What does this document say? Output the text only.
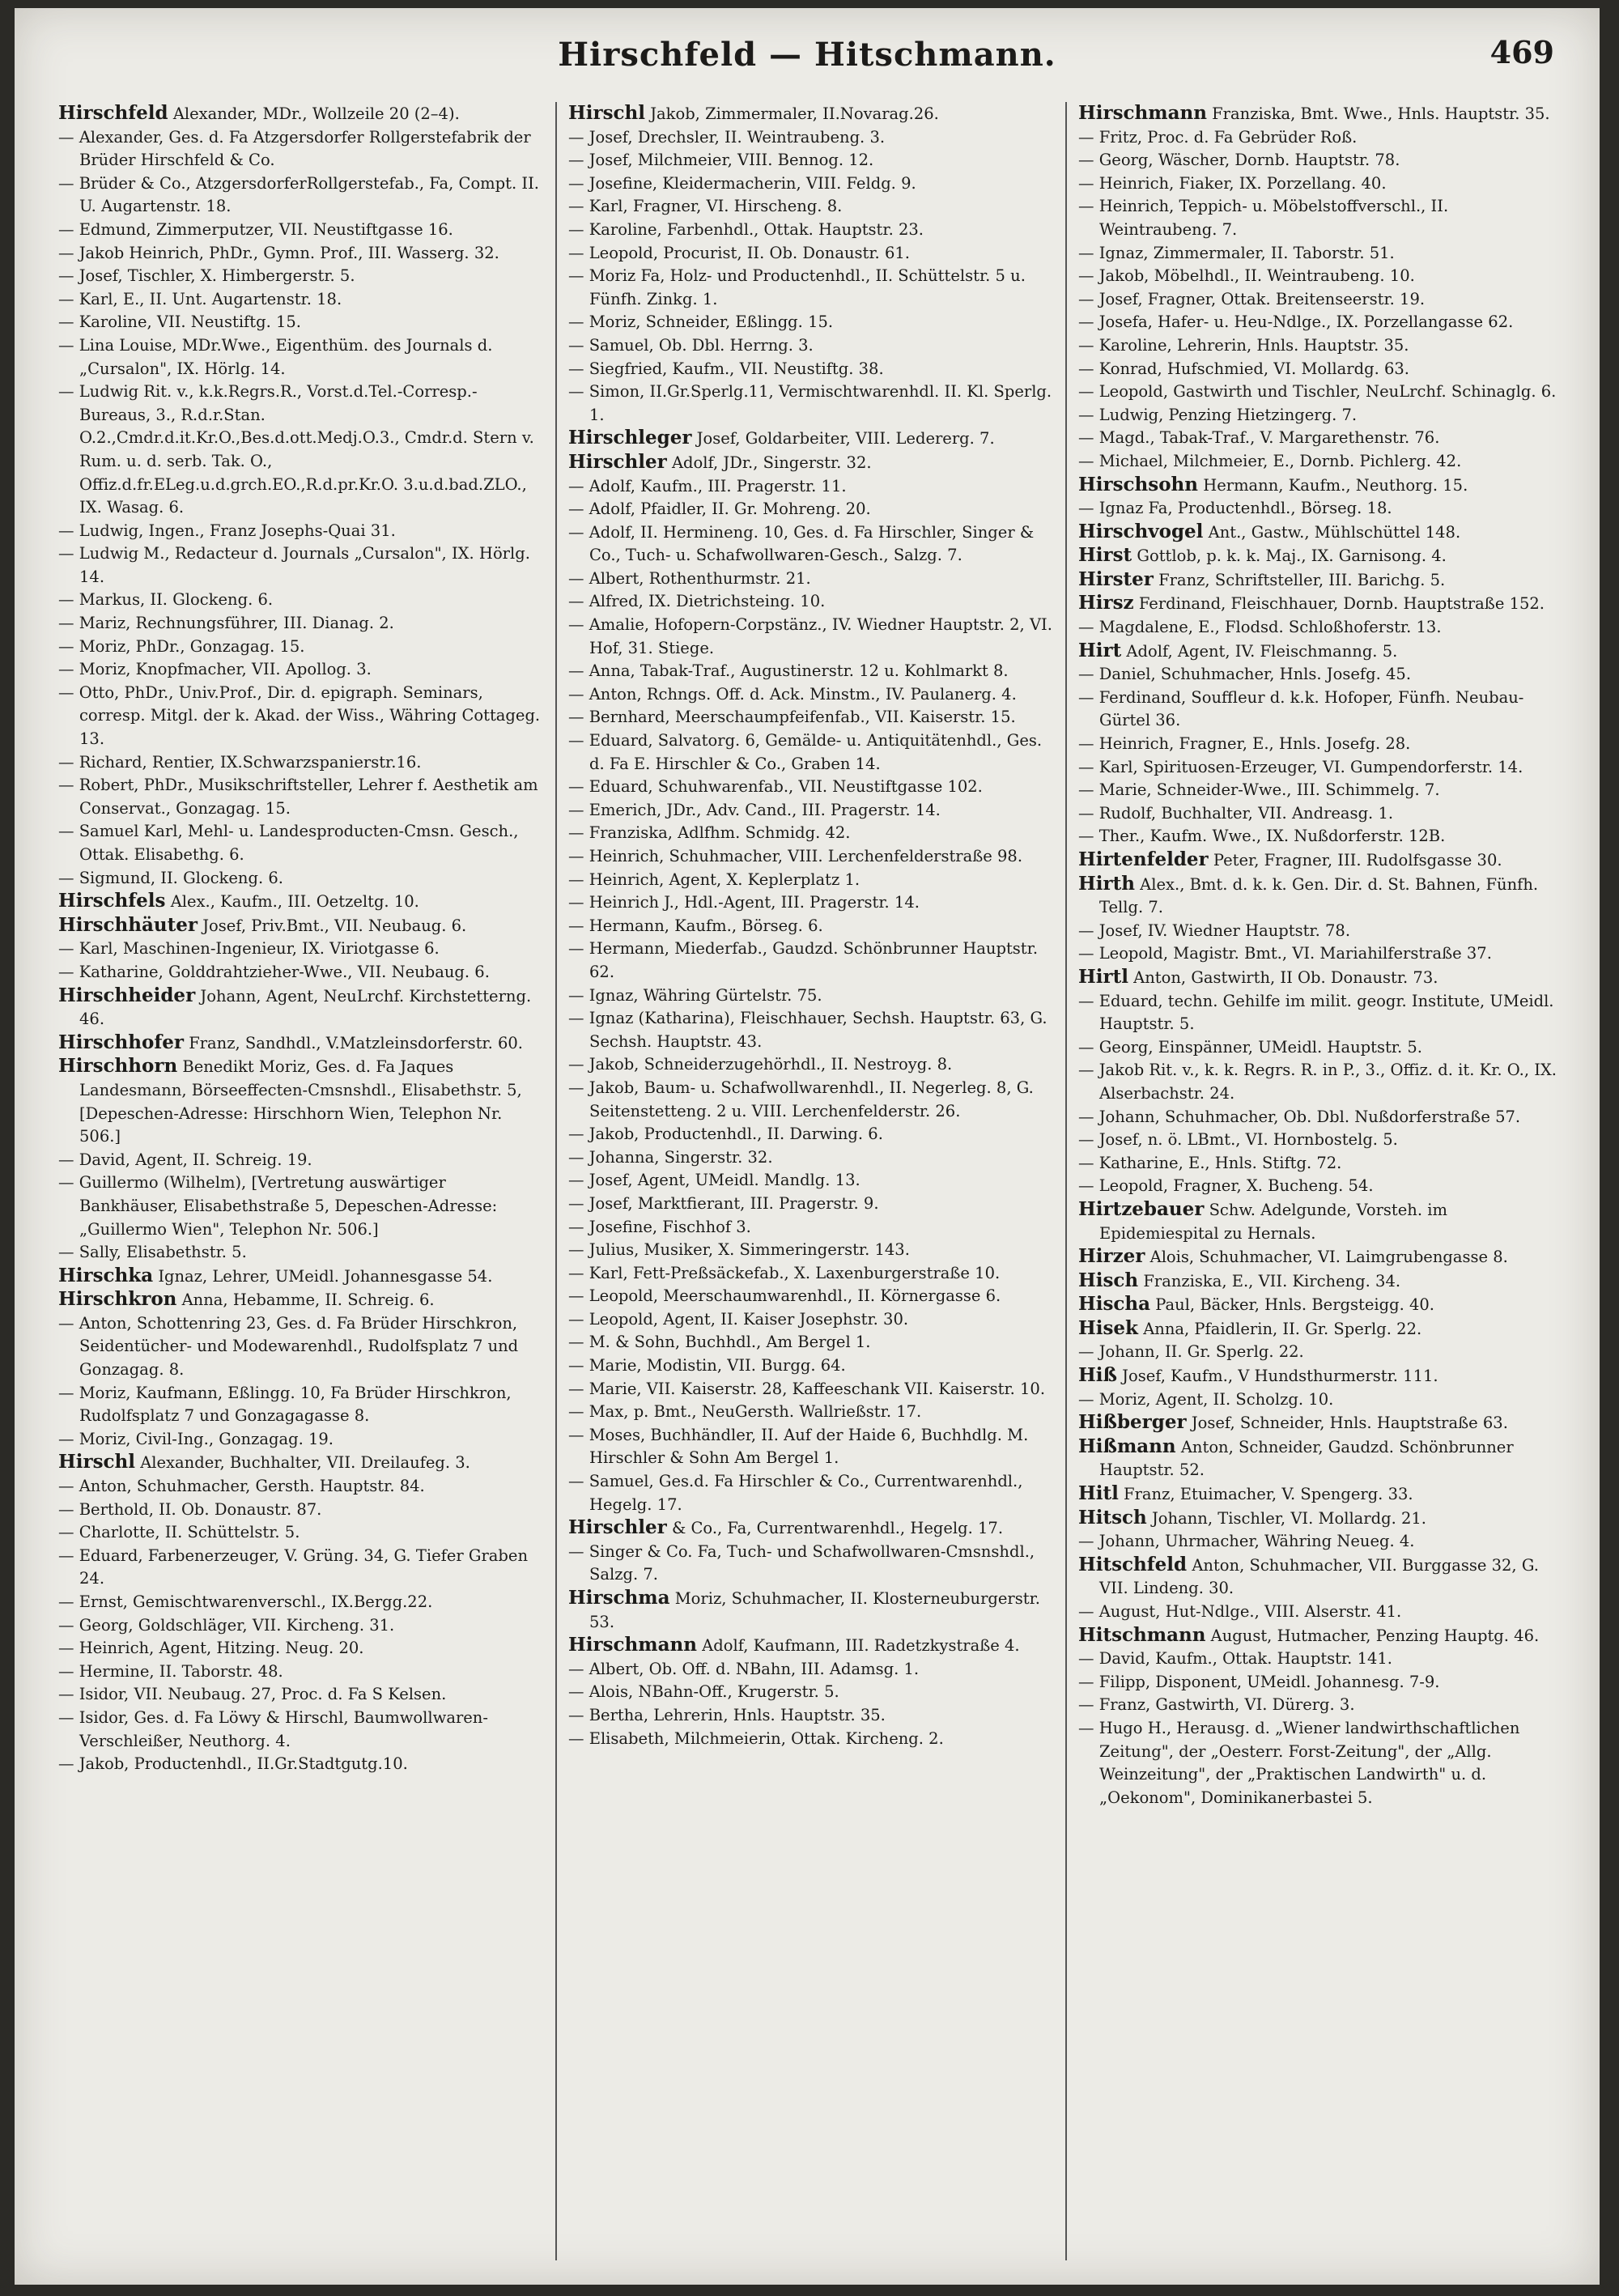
Hirschfeld — Hitschmann.	469

Hirschfeld Alexander, MDr., Wollzeile 20 (2–4).

— Alexander, Ges. d. Fa Atzgersdorfer Rollgerstefabrik der Brüder Hirschfeld & Co.

— Brüder & Co., AtzgersdorferRollgerstefab., Fa, Compt. II. U. Augartenstr. 18.

— Edmund, Zimmerputzer, VII. Neustiftgasse 16.

— Jakob Heinrich, PhDr., Gymn. Prof., III. Wasserg. 32.

— Josef, Tischler, X. Himbergerstr. 5.

— Karl, E., II. Unt. Augartenstr. 18.

— Karoline, VII. Neustiftg. 15.

— Lina Louise, MDr.Wwe., Eigenthüm. des Journals d. „Cursalon", IX. Hörlg. 14.

— Ludwig Rit. v., k.k.Regrs.R., Vorst.d.Tel.-Corresp.-Bureaus, 3., R.d.r.Stan. O.2.,Cmdr.d.it.Kr.O.,Bes.d.ott.Medj.O.3., Cmdr.d. Stern v. Rum. u. d. serb. Tak. O., Offiz.d.fr.ELeg.u.d.grch.EO.,R.d.pr.Kr.O. 3.u.d.bad.ZLO., IX. Wasag. 6.

— Ludwig, Ingen., Franz Josephs-Quai 31.

— Ludwig M., Redacteur d. Journals „Cursalon", IX. Hörlg. 14.

— Markus, II. Glockeng. 6.

— Mariz, Rechnungsführer, III. Dianag. 2.

— Moriz, PhDr., Gonzagag. 15.

— Moriz, Knopfmacher, VII. Apollog. 3.

— Otto, PhDr., Univ.Prof., Dir. d. epigraph. Seminars, corresp. Mitgl. der k. Akad. der Wiss., Währing Cottageg. 13.

— Richard, Rentier, IX.Schwarzspanierstr.16.

— Robert, PhDr., Musikschriftsteller, Lehrer f. Aesthetik am Conservat., Gonzagag. 15.

— Samuel Karl, Mehl- u. Landesproducten-Cmsn. Gesch., Ottak. Elisabethg. 6.

— Sigmund, II. Glockeng. 6.

Hirschfels Alex., Kaufm., III. Oetzeltg. 10.

Hirschhäuter Josef, Priv.Bmt., VII. Neubaug. 6.

— Karl, Maschinen-Ingenieur, IX. Viriotgasse 6.

— Katharine, Golddrahtzieher-Wwe., VII. Neubaug. 6.

Hirschheider Johann, Agent, NeuLrchf. Kirchstetterng. 46.

Hirschhofer Franz, Sandhdl., V.Matzleinsdorferstr. 60.

Hirschhorn Benedikt Moriz, Ges. d. Fa Jaques Landesmann, Börseeffecten-Cmsnshdl., Elisabethstr. 5, [Depeschen-Adresse: Hirschhorn Wien, Telephon Nr. 506.]

— David, Agent, II. Schreig. 19.

— Guillermo (Wilhelm), [Vertretung auswärtiger Bankhäuser, Elisabethstraße 5, Depeschen-Adresse: „Guillermo Wien", Telephon Nr. 506.]

— Sally, Elisabethstr. 5.

Hirschka Ignaz, Lehrer, UMeidl. Johannesgasse 54.

Hirschkron Anna, Hebamme, II. Schreig. 6.

— Anton, Schottenring 23, Ges. d. Fa Brüder Hirschkron, Seidentücher- und Modewarenhdl., Rudolfsplatz 7 und Gonzagag. 8.

— Moriz, Kaufmann, Eßlingg. 10, Fa Brüder Hirschkron, Rudolfsplatz 7 und Gonzagagasse 8.

— Moriz, Civil-Ing., Gonzagag. 19.

Hirschl Alexander, Buchhalter, VII. Dreilaufeg. 3.

— Anton, Schuhmacher, Gersth. Hauptstr. 84.

— Berthold, II. Ob. Donaustr. 87.

— Charlotte, II. Schüttelstr. 5.

— Eduard, Farbenerzeuger, V. Grüng. 34, G. Tiefer Graben 24.

— Ernst, Gemischtwarenverschl., IX.Bergg.22.

— Georg, Goldschläger, VII. Kircheng. 31.

— Heinrich, Agent, Hitzing. Neug. 20.

— Hermine, II. Taborstr. 48.

— Isidor, VII. Neubaug. 27, Proc. d. Fa S Kelsen.

— Isidor, Ges. d. Fa Löwy & Hirschl, Baumwollwaren-Verschleißer, Neuthorg. 4.

— Jakob, Productenhdl., II.Gr.Stadtgutg.10.

Hirschl Jakob, Zimmermaler, II.Novarag.26.

— Josef, Drechsler, II. Weintraubeng. 3.

— Josef, Milchmeier, VIII. Bennog. 12.

— Josefine, Kleidermacherin, VIII. Feldg. 9.

— Karl, Fragner, VI. Hirscheng. 8.

— Karoline, Farbenhdl., Ottak. Hauptstr. 23.

— Leopold, Procurist, II. Ob. Donaustr. 61.

— Moriz Fa, Holz- und Productenhdl., II. Schüttelstr. 5 u. Fünfh. Zinkg. 1.

— Moriz, Schneider, Eßlingg. 15.

— Samuel, Ob. Dbl. Herrng. 3.

— Siegfried, Kaufm., VII. Neustiftg. 38.

— Simon, II.Gr.Sperlg.11, Vermischtwarenhdl. II. Kl. Sperlg. 1.

Hirschleger Josef, Goldarbeiter, VIII. Ledererg. 7.

Hirschler Adolf, JDr., Singerstr. 32.

— Adolf, Kaufm., III. Pragerstr. 11.

— Adolf, Pfaidler, II. Gr. Mohreng. 20.

— Adolf, II. Hermineng. 10, Ges. d. Fa Hirschler, Singer & Co., Tuch- u. Schafwollwaren-Gesch., Salzg. 7.

— Albert, Rothenthurmstr. 21.

— Alfred, IX. Dietrichsteing. 10.

— Amalie, Hofopern-Corpstänz., IV. Wiedner Hauptstr. 2, VI. Hof, 31. Stiege.

— Anna, Tabak-Traf., Augustinerstr. 12 u. Kohlmarkt 8.

— Anton, Rchngs. Off. d. Ack. Minstm., IV. Paulanerg. 4.

— Bernhard, Meerschaumpfeifenfab., VII. Kaiserstr. 15.

— Eduard, Salvatorg. 6, Gemälde- u. Antiquitätenhdl., Ges. d. Fa E. Hirschler & Co., Graben 14.

— Eduard, Schuhwarenfab., VII. Neustiftgasse 102.

— Emerich, JDr., Adv. Cand., III. Pragerstr. 14.

— Franziska, Adlfhm. Schmidg. 42.

— Heinrich, Schuhmacher, VIII. Lerchenfelderstraße 98.

— Heinrich, Agent, X. Keplerplatz 1.

— Heinrich J., Hdl.-Agent, III. Pragerstr. 14.

— Hermann, Kaufm., Börseg. 6.

— Hermann, Miederfab., Gaudzd. Schönbrunner Hauptstr. 62.

— Ignaz, Währing Gürtelstr. 75.

— Ignaz (Katharina), Fleischhauer, Sechsh. Hauptstr. 63, G. Sechsh. Hauptstr. 43.

— Jakob, Schneiderzugehörhdl., II. Nestroyg. 8.

— Jakob, Baum- u. Schafwollwarenhdl., II. Negerleg. 8, G. Seitenstetteng. 2 u. VIII. Lerchenfelderstr. 26.

— Jakob, Productenhdl., II. Darwing. 6.

— Johanna, Singerstr. 32.

— Josef, Agent, UMeidl. Mandlg. 13.

— Josef, Marktfierant, III. Pragerstr. 9.

— Josefine, Fischhof 3.

— Julius, Musiker, X. Simmeringerstr. 143.

— Karl, Fett-Preßsäckefab., X. Laxenburgerstraße 10.

— Leopold, Meerschaumwarenhdl., II. Körnergasse 6.

— Leopold, Agent, II. Kaiser Josephstr. 30.

— M. & Sohn, Buchhdl., Am Bergel 1.

— Marie, Modistin, VII. Burgg. 64.

— Marie, VII. Kaiserstr. 28, Kaffeeschank VII. Kaiserstr. 10.

— Max, p. Bmt., NeuGersth. Wallrießstr. 17.

— Moses, Buchhändler, II. Auf der Haide 6, Buchhdlg. M. Hirschler & Sohn Am Bergel 1.

— Samuel, Ges.d. Fa Hirschler & Co., Currentwarenhdl., Hegelg. 17.

Hirschler & Co., Fa, Currentwarenhdl., Hegelg. 17.

— Singer & Co. Fa, Tuch- und Schafwollwaren-Cmsnshdl., Salzg. 7.

Hirschma Moriz, Schuhmacher, II. Klosterneuburgerstr. 53.

Hirschmann Adolf, Kaufmann, III. Radetzkystraße 4.

— Albert, Ob. Off. d. NBahn, III. Adamsg. 1.

— Alois, NBahn-Off., Krugerstr. 5.

— Bertha, Lehrerin, Hnls. Hauptstr. 35.

— Elisabeth, Milchmeierin, Ottak. Kircheng. 2.

Hirschmann Franziska, Bmt. Wwe., Hnls. Hauptstr. 35.

— Fritz, Proc. d. Fa Gebrüder Roß.

— Georg, Wäscher, Dornb. Hauptstr. 78.

— Heinrich, Fiaker, IX. Porzellang. 40.

— Heinrich, Teppich- u. Möbelstoffverschl., II. Weintraubeng. 7.

— Ignaz, Zimmermaler, II. Taborstr. 51.

— Jakob, Möbelhdl., II. Weintraubeng. 10.

— Josef, Fragner, Ottak. Breitenseerstr. 19.

— Josefa, Hafer- u. Heu-Ndlge., IX. Porzellangasse 62.

— Karoline, Lehrerin, Hnls. Hauptstr. 35.

— Konrad, Hufschmied, VI. Mollardg. 63.

— Leopold, Gastwirth und Tischler, NeuLrchf. Schinaglg. 6.

— Ludwig, Penzing Hietzingerg. 7.

— Magd., Tabak-Traf., V. Margarethenstr. 76.

— Michael, Milchmeier, E., Dornb. Pichlerg. 42.

Hirschsohn Hermann, Kaufm., Neuthorg. 15.

— Ignaz Fa, Productenhdl., Börseg. 18.

Hirschvogel Ant., Gastw., Mühlschüttel 148.

Hirst Gottlob, p. k. k. Maj., IX. Garnisong. 4.

Hirster Franz, Schriftsteller, III. Barichg. 5.

Hirsz Ferdinand, Fleischhauer, Dornb. Hauptstraße 152.

— Magdalene, E., Flodsd. Schloßhoferstr. 13.

Hirt Adolf, Agent, IV. Fleischmanng. 5.

— Daniel, Schuhmacher, Hnls. Josefg. 45.

— Ferdinand, Souffleur d. k.k. Hofoper, Fünfh. Neubau-Gürtel 36.

— Heinrich, Fragner, E., Hnls. Josefg. 28.

— Karl, Spirituosen-Erzeuger, VI. Gumpendorferstr. 14.

— Marie, Schneider-Wwe., III. Schimmelg. 7.

— Rudolf, Buchhalter, VII. Andreasg. 1.

— Ther., Kaufm. Wwe., IX. Nußdorferstr. 12B.

Hirtenfelder Peter, Fragner, III. Rudolfsgasse 30.

Hirth Alex., Bmt. d. k. k. Gen. Dir. d. St. Bahnen, Fünfh. Tellg. 7.

— Josef, IV. Wiedner Hauptstr. 78.

— Leopold, Magistr. Bmt., VI. Mariahilferstraße 37.

Hirtl Anton, Gastwirth, II Ob. Donaustr. 73.

— Eduard, techn. Gehilfe im milit. geogr. Institute, UMeidl. Hauptstr. 5.

— Georg, Einspänner, UMeidl. Hauptstr. 5.

— Jakob Rit. v., k. k. Regrs. R. in P., 3., Offiz. d. it. Kr. O., IX. Alserbachstr. 24.

— Johann, Schuhmacher, Ob. Dbl. Nußdorferstraße 57.

— Josef, n. ö. LBmt., VI. Hornbostelg. 5.

— Katharine, E., Hnls. Stiftg. 72.

— Leopold, Fragner, X. Bucheng. 54.

Hirtzebauer Schw. Adelgunde, Vorsteh. im Epidemiespital zu Hernals.

Hirzer Alois, Schuhmacher, VI. Laimgrubengasse 8.

Hisch Franziska, E., VII. Kircheng. 34.

Hischa Paul, Bäcker, Hnls. Bergsteigg. 40.

Hisek Anna, Pfaidlerin, II. Gr. Sperlg. 22.

— Johann, II. Gr. Sperlg. 22.

Hiß Josef, Kaufm., V Hundsthurmerstr. 111.

— Moriz, Agent, II. Scholzg. 10.

Hißberger Josef, Schneider, Hnls. Hauptstraße 63.

Hißmann Anton, Schneider, Gaudzd. Schönbrunner Hauptstr. 52.

Hitl Franz, Etuimacher, V. Spengerg. 33.

Hitsch Johann, Tischler, VI. Mollardg. 21.

— Johann, Uhrmacher, Währing Neueg. 4.

Hitschfeld Anton, Schuhmacher, VII. Burggasse 32, G. VII. Lindeng. 30.

— August, Hut-Ndlge., VIII. Alserstr. 41.

Hitschmann August, Hutmacher, Penzing Hauptg. 46.

— David, Kaufm., Ottak. Hauptstr. 141.

— Filipp, Disponent, UMeidl. Johannesg. 7-9.

— Franz, Gastwirth, VI. Dürerg. 3.

— Hugo H., Herausg. d. „Wiener landwirthschaftlichen Zeitung", der „Oesterr. Forst-Zeitung", der „Allg. Weinzeitung", der „Praktischen Landwirth" u. d. „Oekonom", Dominikanerbastei 5.
